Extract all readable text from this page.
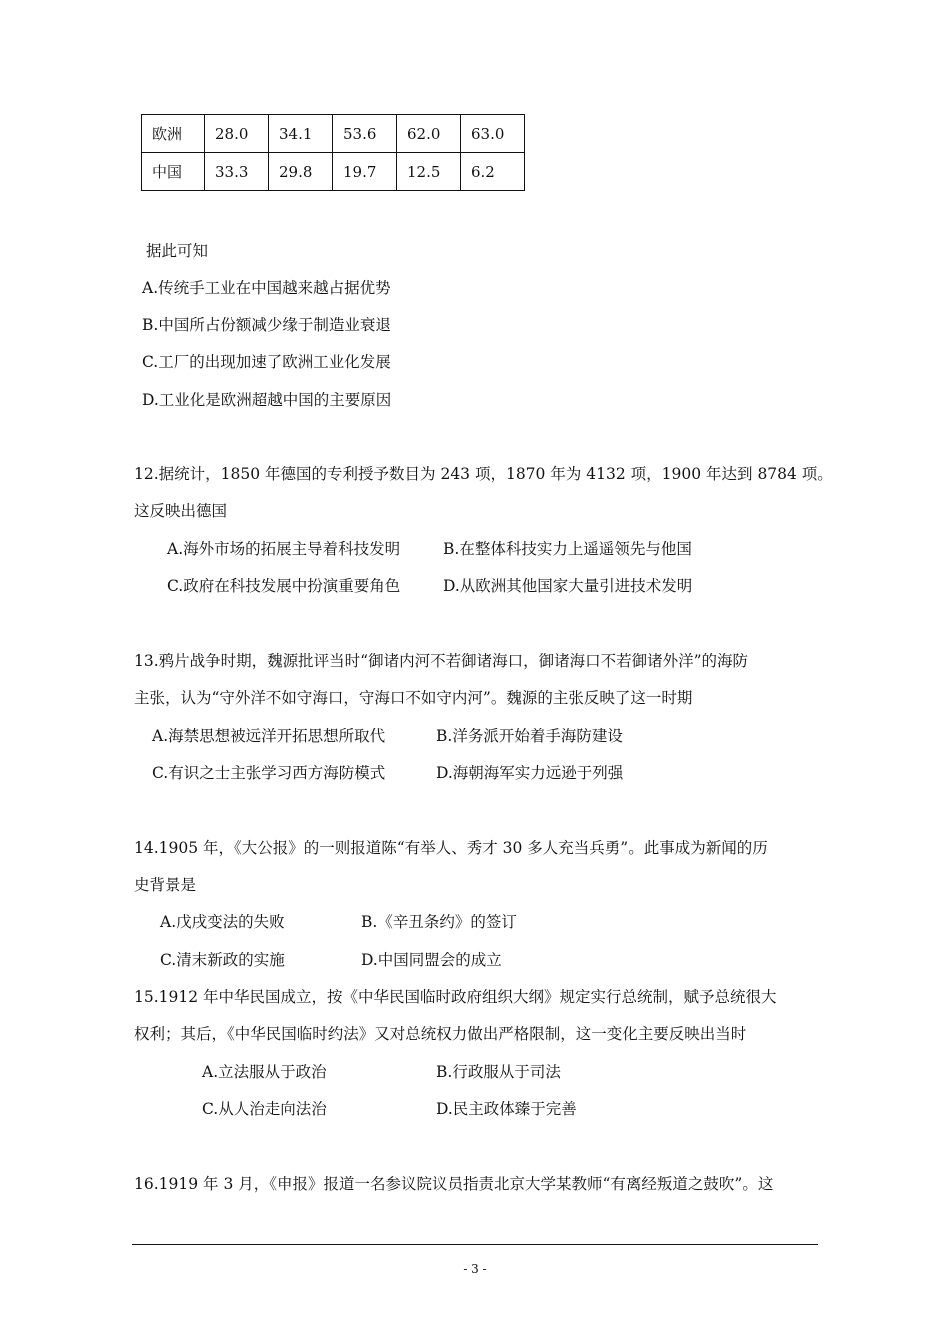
欧洲	28.0	34.1	53.6	62.0	63.0
中国	33.3	29.8	19.7	12.5	6.2
据此可知
A.传统手工业在中国越来越占据优势
B.中国所占份额减少缘于制造业衰退
C.工厂的出现加速了欧洲工业化发展
D.工业化是欧洲超越中国的主要原因
12.据统计，1850 年德国的专利授予数目为 243 项，1870 年为 4132 项，1900 年达到 8784 项。
这反映出德国
A.海外市场的拓展主导着科技发明	B.在整体科技实力上遥遥领先与他国
C.政府在科技发展中扮演重要角色	D.从欧洲其他国家大量引进技术发明
13.鸦片战争时期，魏源批评当时“御诸内河不若御诸海口，御诸海口不若御诸外洋”的海防
主张，认为“守外洋不如守海口，守海口不如守内河”。魏源的主张反映了这一时期
A.海禁思想被远洋开拓思想所取代	B.洋务派开始着手海防建设
C.有识之士主张学习西方海防模式	D.海朝海军实力远逊于列强
14.1905 年，《大公报》的一则报道陈“有举人、秀才 30 多人充当兵勇”。此事成为新闻的历
史背景是
A.戊戌变法的失败	B.《辛丑条约》的签订
C.清末新政的实施	D.中国同盟会的成立
15.1912 年中华民国成立，按《中华民国临时政府组织大纲》规定实行总统制，赋予总统很大
权利；其后，《中华民国临时约法》又对总统权力做出严格限制，这一变化主要反映出当时
A.立法服从于政治	B.行政服从于司法
C.从人治走向法治	D.民主政体臻于完善
16.1919 年 3 月，《申报》报道一名参议院议员指责北京大学某教师“有离经叛道之鼓吹”。这
- 3 -
